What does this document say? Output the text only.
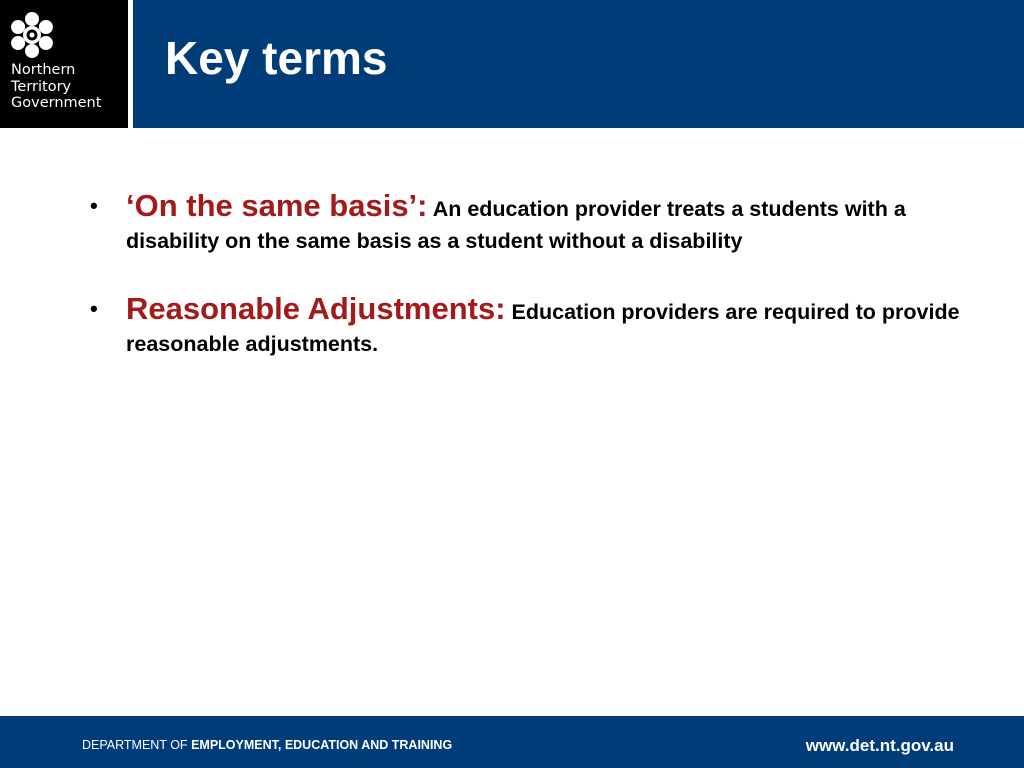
Northern
Territory
Government
Key terms
• ‘On the same basis’: An education provider treats a students with a disability on the same basis as a student without a disability
• Reasonable Adjustments: Education providers are required to provide reasonable adjustments.
DEPARTMENT OF EMPLOYMENT, EDUCATION AND TRAINING	www.det.nt.gov.au
